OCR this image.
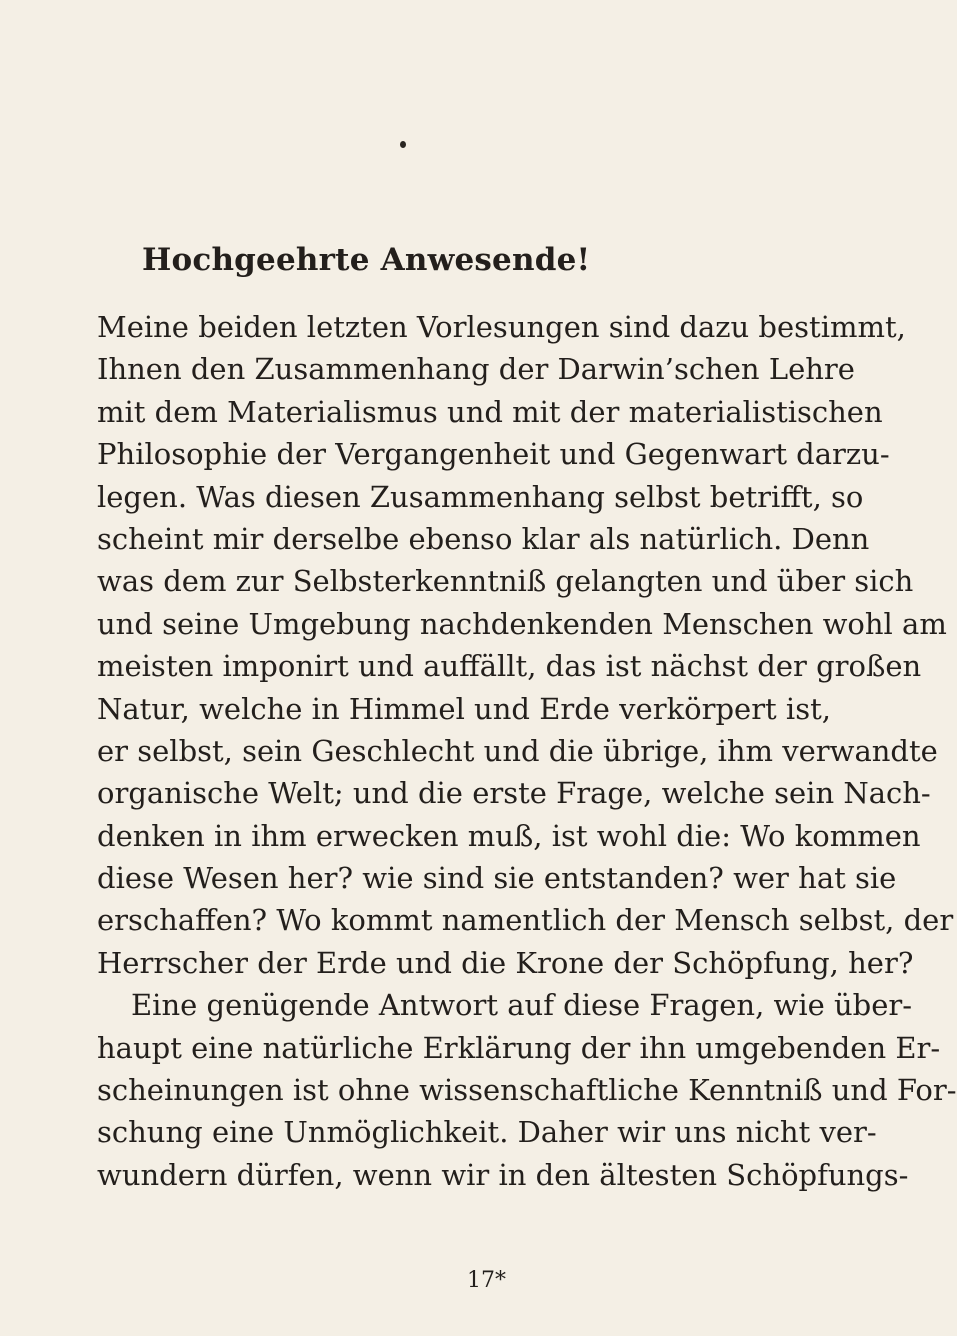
Hochgeehrte Anwesende!
Meine beiden letzten Vorlesungen sind dazu bestimmt,
Ihnen den Zusammenhang der Darwin’schen Lehre
mit dem Materialismus und mit der materialistischen
Philosophie der Vergangenheit und Gegenwart darzu-
legen. Was diesen Zusammenhang selbst betrifft, so
scheint mir derselbe ebenso klar als natürlich. Denn
was dem zur Selbsterkenntniß gelangten und über sich
und seine Umgebung nachdenkenden Menschen wohl am
meisten imponirt und auffällt, das ist nächst der großen
Natur, welche in Himmel und Erde verkörpert ist,
er selbst, sein Geschlecht und die übrige, ihm verwandte
organische Welt; und die erste Frage, welche sein Nach-
denken in ihm erwecken muß, ist wohl die: Wo kommen
diese Wesen her? wie sind sie entstanden? wer hat sie
erschaffen? Wo kommt namentlich der Mensch selbst, der
Herrscher der Erde und die Krone der Schöpfung, her?
Eine genügende Antwort auf diese Fragen, wie über-
haupt eine natürliche Erklärung der ihn umgebenden Er-
scheinungen ist ohne wissenschaftliche Kenntniß und For-
schung eine Unmöglichkeit. Daher wir uns nicht ver-
wundern dürfen, wenn wir in den ältesten Schöpfungs-
17*
